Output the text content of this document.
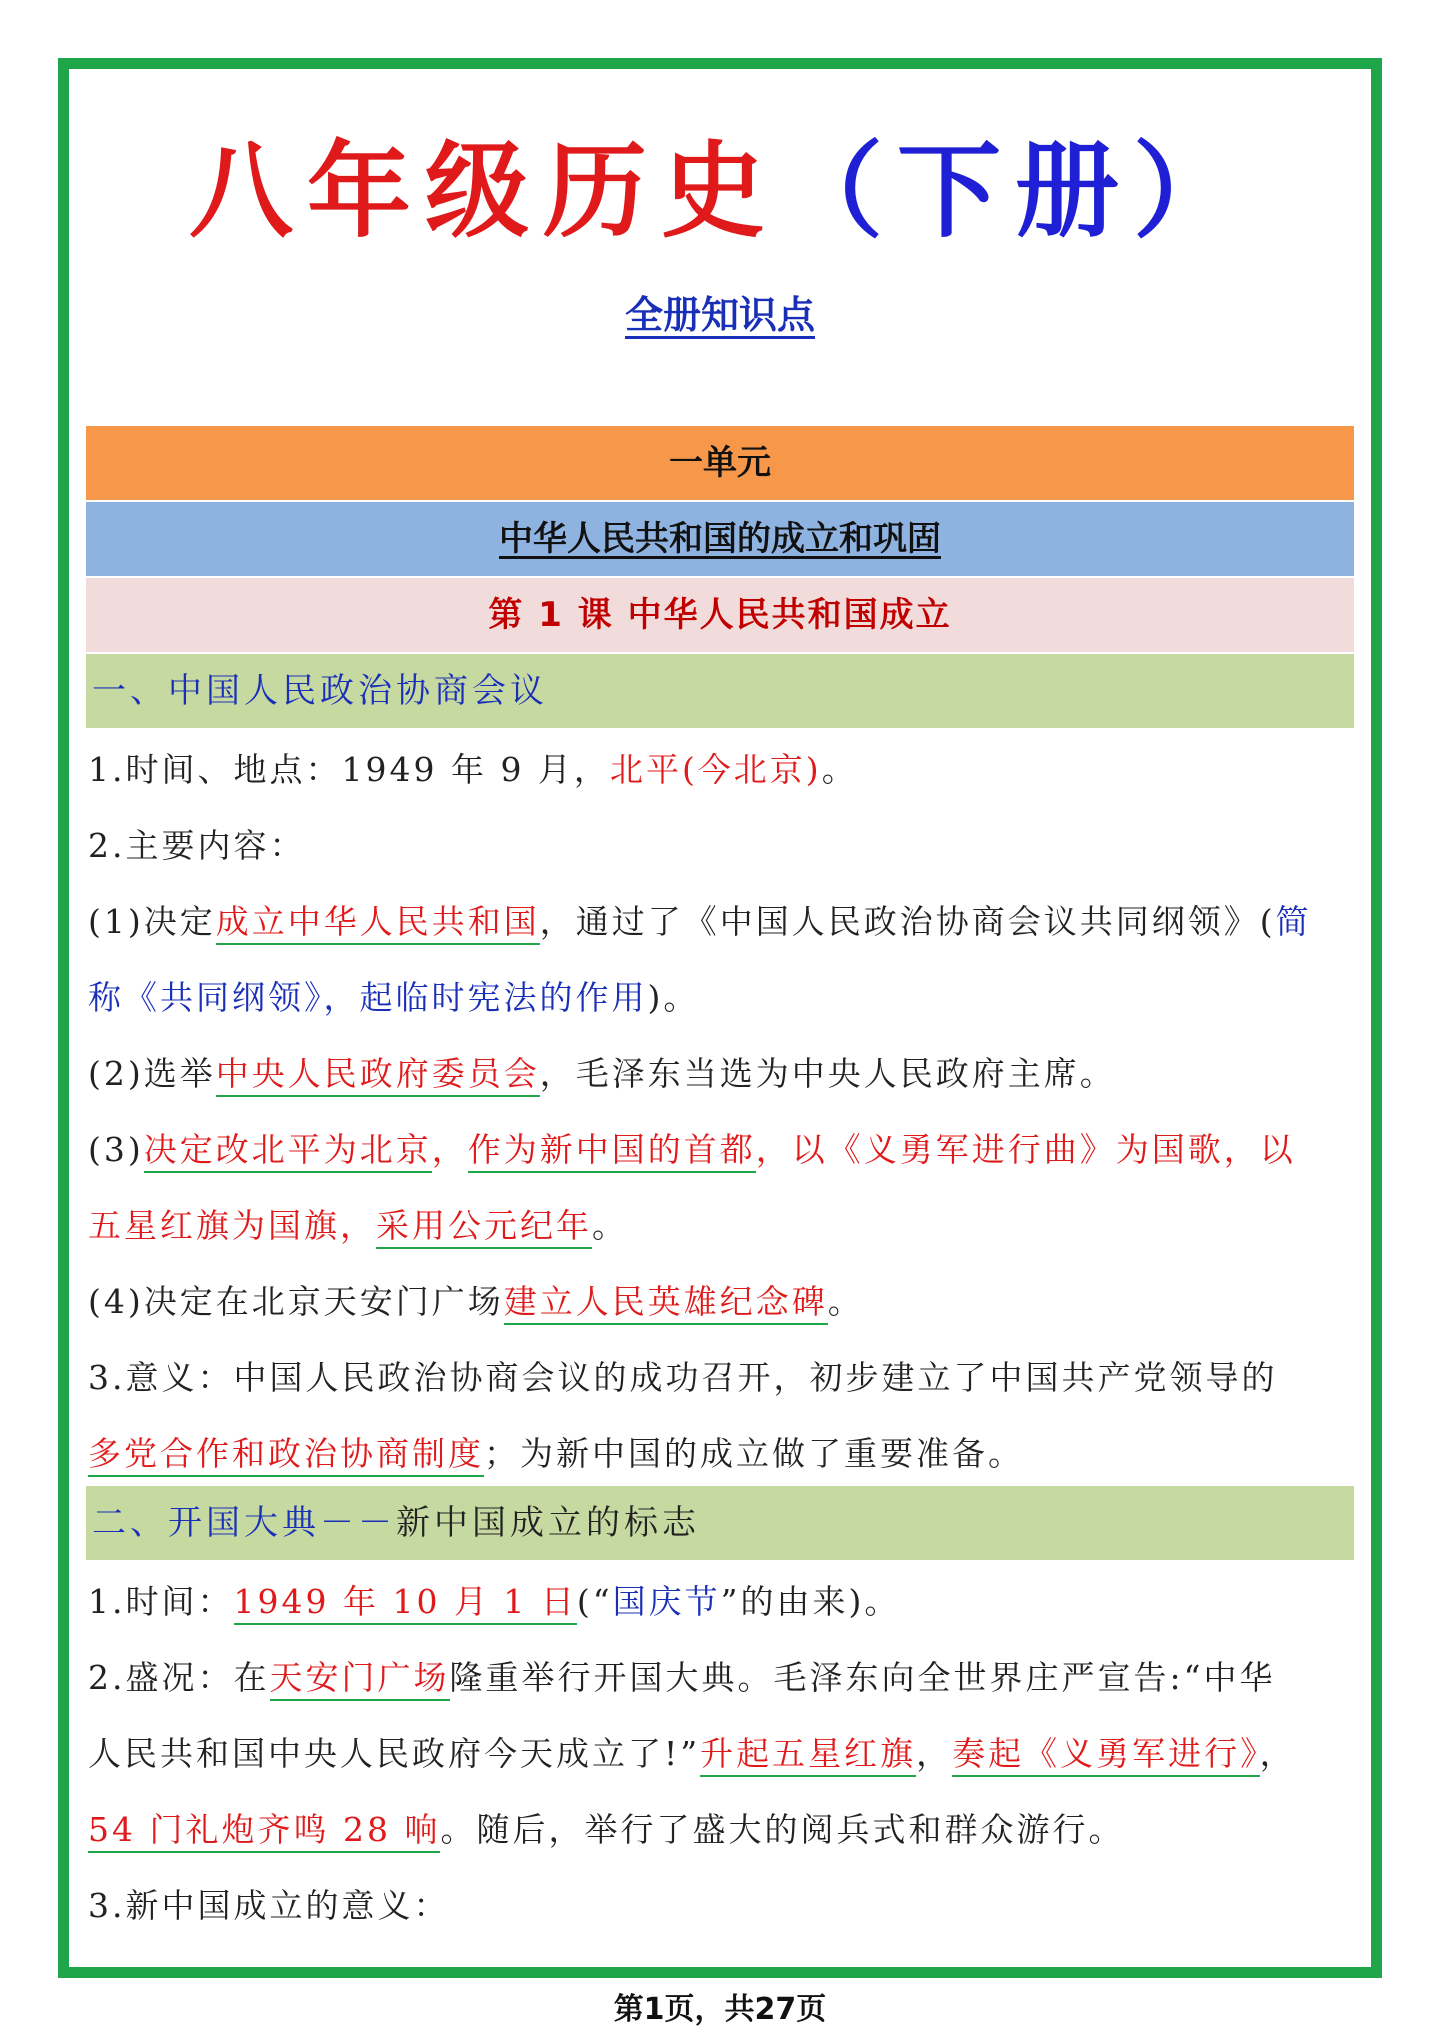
八年级历史（下册）
全册知识点
一单元
中华人民共和国的成立和巩固
第 1 课 中华人民共和国成立
一、中国人民政治协商会议
1.时间、地点：1949 年 9 月，北平(今北京)。
2.主要内容：
(1)决定成立中华人民共和国，通过了《中国人民政治协商会议共同纲领》(简
称《共同纲领》，起临时宪法的作用)。
(2)选举中央人民政府委员会，毛泽东当选为中央人民政府主席。
(3)决定改北平为北京，作为新中国的首都，以《义勇军进行曲》为国歌，以
五星红旗为国旗，采用公元纪年。
(4)决定在北京天安门广场建立人民英雄纪念碑。
3.意义：中国人民政治协商会议的成功召开，初步建立了中国共产党领导的
多党合作和政治协商制度；为新中国的成立做了重要准备。
二、开国大典－－新中国成立的标志
1.时间：1949 年 10 月 1 日(“国庆节”的由来)。
2.盛况：在天安门广场隆重举行开国大典。毛泽东向全世界庄严宣告:“中华
人民共和国中央人民政府今天成立了!”升起五星红旗，奏起《义勇军进行》，
54 门礼炮齐鸣 28 响。随后，举行了盛大的阅兵式和群众游行。
3.新中国成立的意义：
第1页，共27页
